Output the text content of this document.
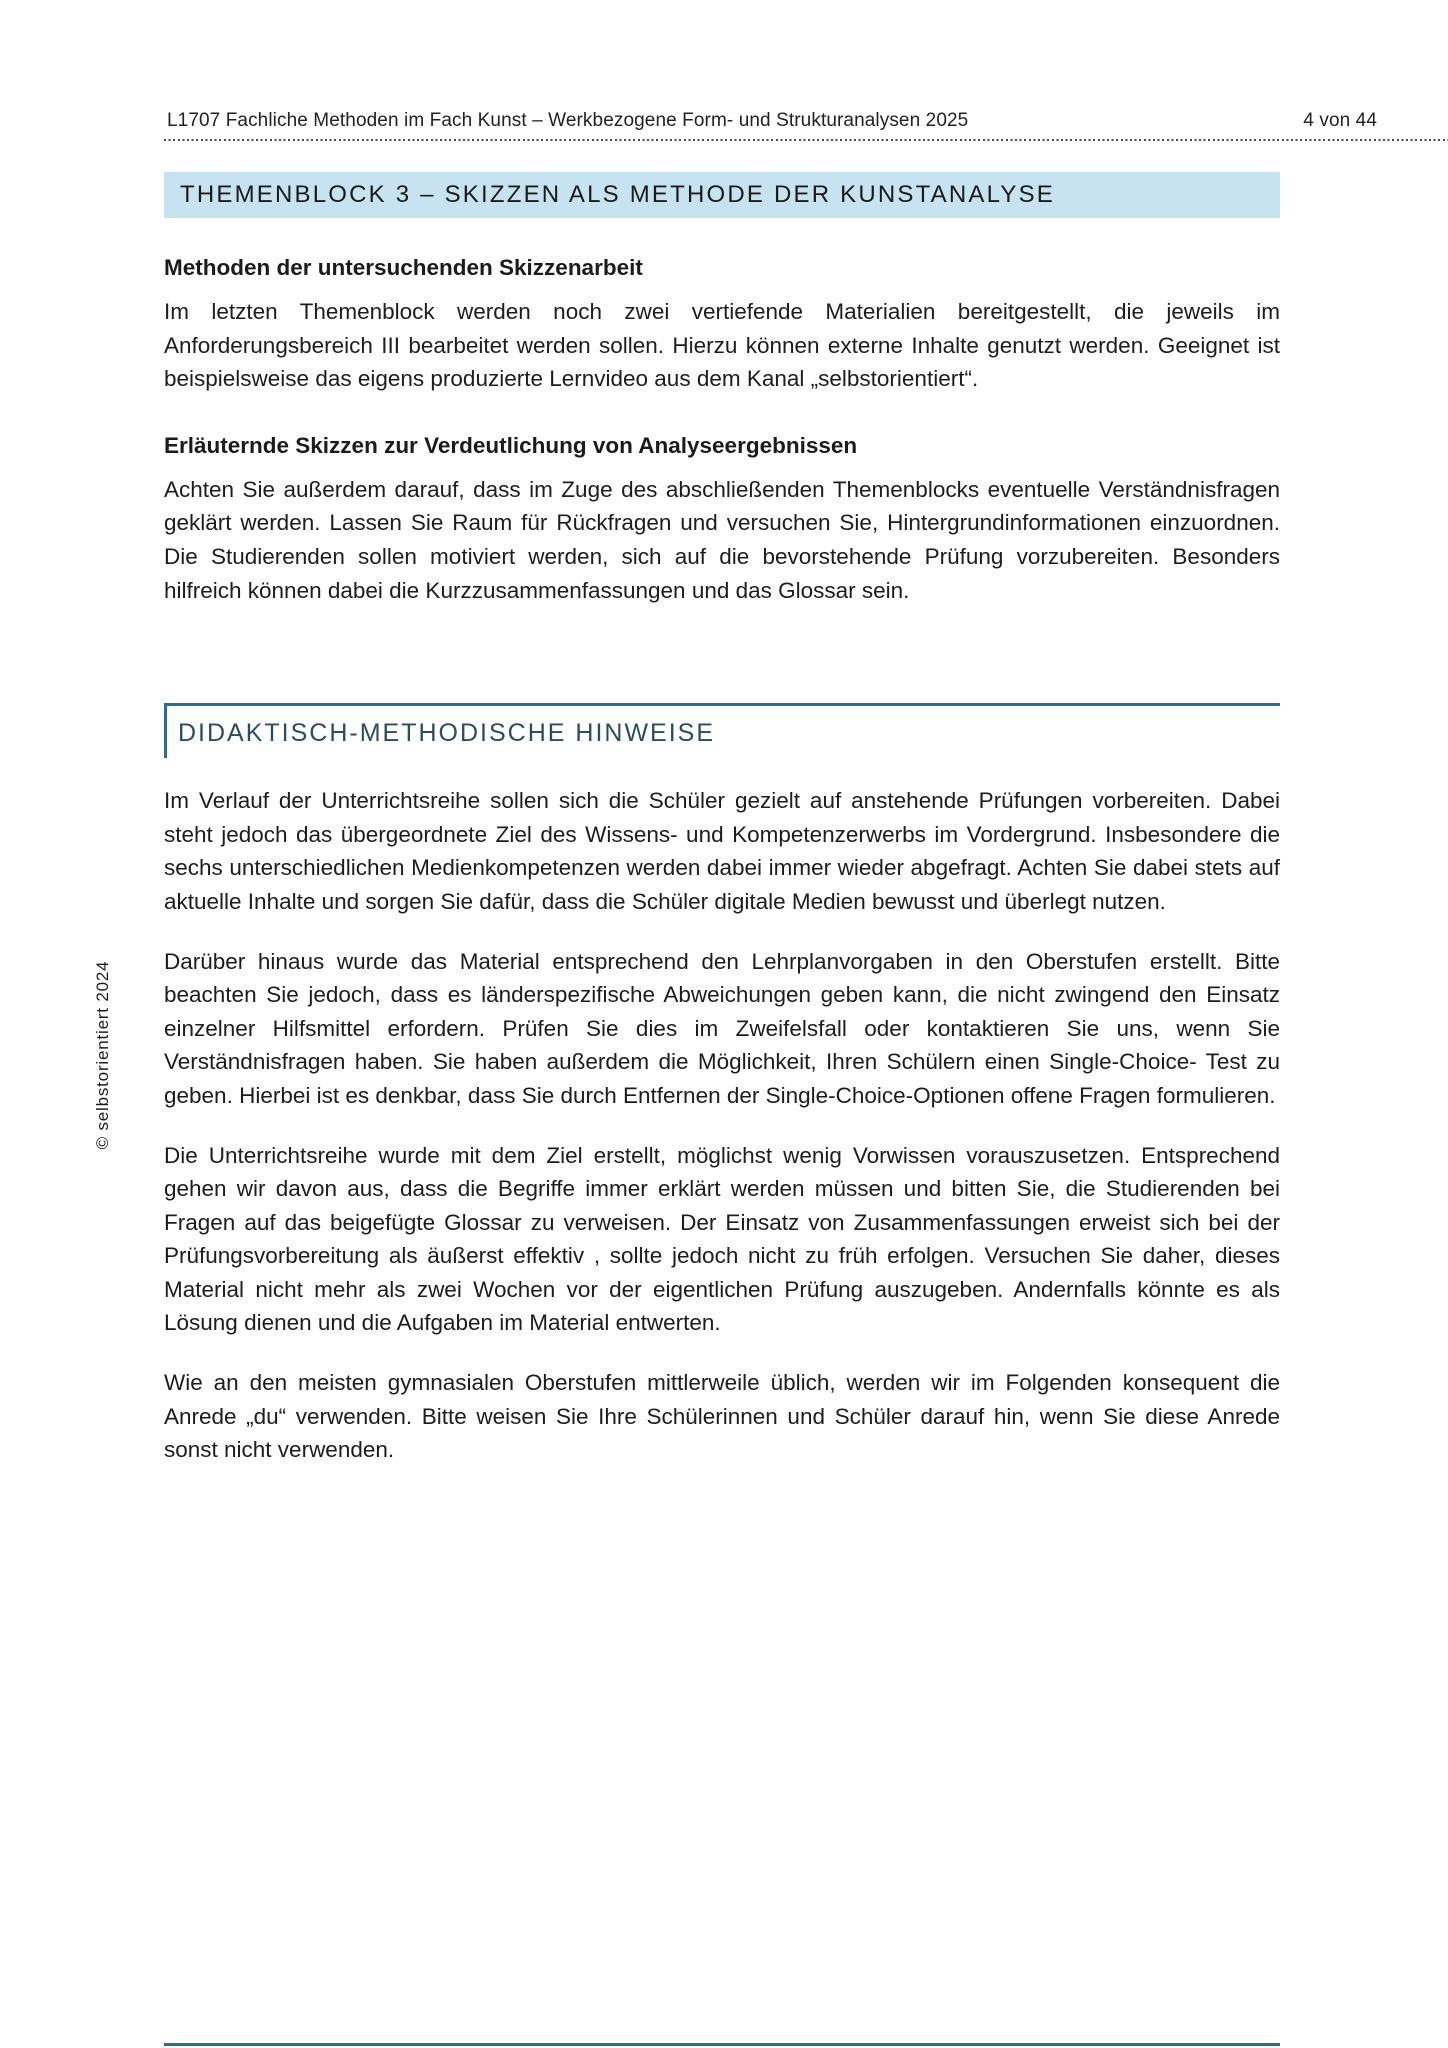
L1707 Fachliche Methoden im Fach Kunst – Werkbezogene Form- und Strukturanalysen 2025	4 von 44
© selbstorientiert 2024
THEMENBLOCK 3 – SKIZZEN ALS METHODE DER KUNSTANALYSE
Methoden der untersuchenden Skizzenarbeit

Im letzten Themenblock werden noch zwei vertiefende Materialien bereitgestellt, die jeweils im Anforderungsbereich III bearbeitet werden sollen. Hierzu können externe Inhalte genutzt werden. Geeignet ist beispielsweise das eigens produzierte Lernvideo aus dem Kanal „selbstorientiert“.

Erläuternde Skizzen zur Verdeutlichung von Analyseergebnissen

Achten Sie außerdem darauf, dass im Zuge des abschließenden Themenblocks eventuelle Verständnisfragen geklärt werden. Lassen Sie Raum für Rückfragen und versuchen Sie, Hintergrundinformationen einzuordnen. Die Studierenden sollen motiviert werden, sich auf die bevorstehende Prüfung vorzubereiten. Besonders hilfreich können dabei die Kurzzusammenfassungen und das Glossar sein.

DIDAKTISCH-METHODISCHE HINWEISE

Im Verlauf der Unterrichtsreihe sollen sich die Schüler gezielt auf anstehende Prüfungen vorbereiten. Dabei steht jedoch das übergeordnete Ziel des Wissens- und Kompetenzerwerbs im Vordergrund. Insbesondere die sechs unterschiedlichen Medienkompetenzen werden dabei immer wieder abgefragt. Achten Sie dabei stets auf aktuelle Inhalte und sorgen Sie dafür, dass die Schüler digitale Medien bewusst und überlegt nutzen.

Darüber hinaus wurde das Material entsprechend den Lehrplanvorgaben in den Oberstufen erstellt. Bitte beachten Sie jedoch, dass es länderspezifische Abweichungen geben kann, die nicht zwingend den Einsatz einzelner Hilfsmittel erfordern. Prüfen Sie dies im Zweifelsfall oder kontaktieren Sie uns, wenn Sie Verständnisfragen haben. Sie haben außerdem die Möglichkeit, Ihren Schülern einen Single-Choice- Test zu geben. Hierbei ist es denkbar, dass Sie durch Entfernen der Single-Choice-Optionen offene Fragen formulieren.

Die Unterrichtsreihe wurde mit dem Ziel erstellt, möglichst wenig Vorwissen vorauszusetzen. Entsprechend gehen wir davon aus, dass die Begriffe immer erklärt werden müssen und bitten Sie, die Studierenden bei Fragen auf das beigefügte Glossar zu verweisen. Der Einsatz von Zusammenfassungen erweist sich bei der Prüfungsvorbereitung als äußerst effektiv , sollte jedoch nicht zu früh erfolgen. Versuchen Sie daher, dieses Material nicht mehr als zwei Wochen vor der eigentlichen Prüfung auszugeben. Andernfalls könnte es als Lösung dienen und die Aufgaben im Material entwerten.

Wie an den meisten gymnasialen Oberstufen mittlerweile üblich, werden wir im Folgenden konsequent die Anrede „du“ verwenden. Bitte weisen Sie Ihre Schülerinnen und Schüler darauf hin, wenn Sie diese Anrede sonst nicht verwenden.
